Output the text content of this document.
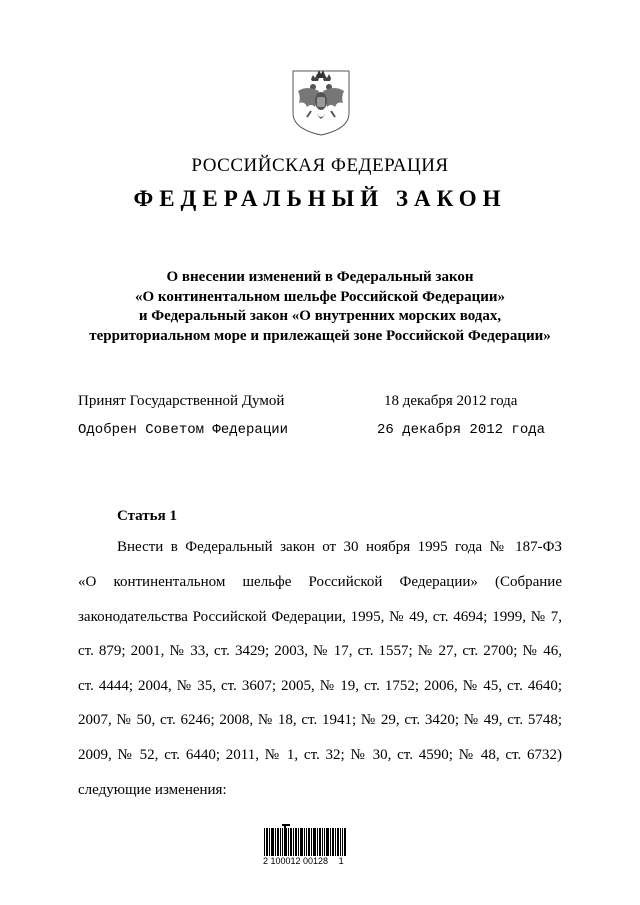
РОССИЙСКАЯ ФЕДЕРАЦИЯ
ФЕДЕРАЛЬНЫЙ ЗАКОН
О внесении изменений в Федеральный закон
«О континентальном шельфе Российской Федерации»
и Федеральный закон «О внутренних морских водах,
территориальном море и прилежащей зоне Российской Федерации»
Принят Государственной Думой	18 декабря 2012 года
Одобрен Советом Федерации	26 декабря 2012 года
Статья 1
Внести в Федеральный закон от 30 ноября 1995 года № 187-ФЗ
«О континентальном шельфе Российской Федерации» (Собрание
законодательства Российской Федерации, 1995, № 49, ст. 4694; 1999, № 7,
ст. 879; 2001, № 33, ст. 3429; 2003, № 17, ст. 1557; № 27, ст. 2700; № 46,
ст. 4444; 2004, № 35, ст. 3607; 2005, № 19, ст. 1752; 2006, № 45, ст. 4640;
2007, № 50, ст. 6246; 2008, № 18, ст. 1941; № 29, ст. 3420; № 49, ст. 5748;
2009, № 52, ст. 6440; 2011, № 1, ст. 32; № 30, ст. 4590; № 48, ст. 6732)
следующие изменения:
2 100012 00128 1
